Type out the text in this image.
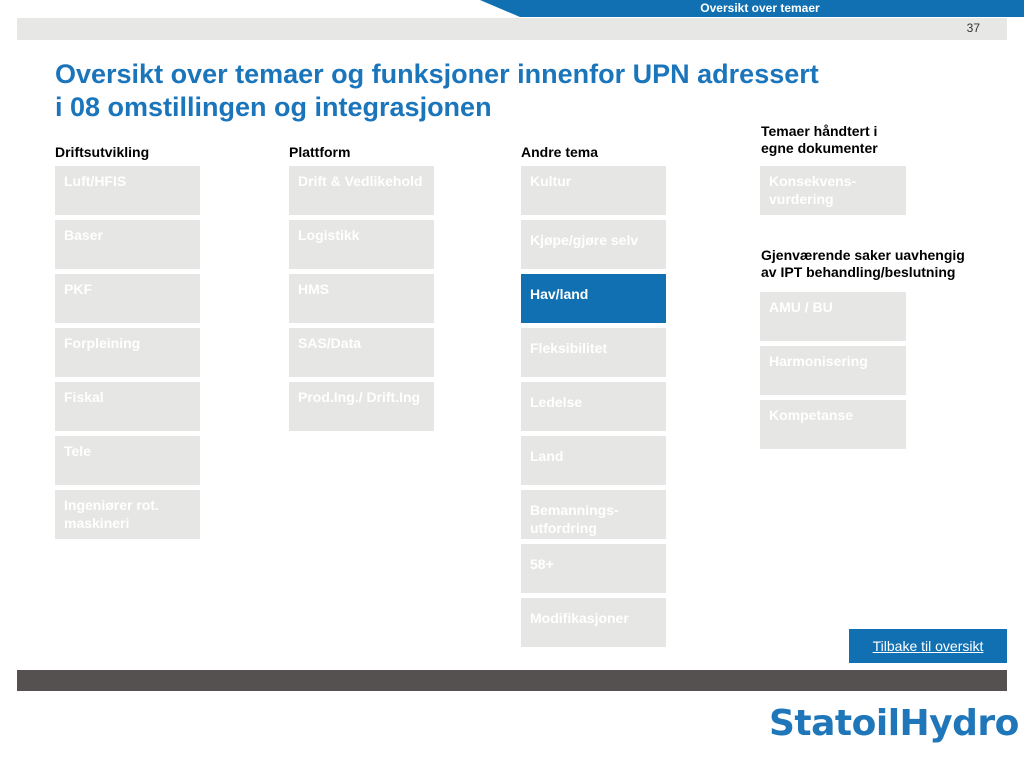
Oversikt over temaer
37
Oversikt over temaer og funksjoner innenfor UPN adressert
i 08 omstillingen og integrasjonen
Driftsutvikling	Plattform	Andre tema
Temaer håndtert i
egne dokumenter
Gjenværende saker uavhengig
av IPT behandling/beslutning
Luft/HFIS
Baser
PKF
Forpleining
Fiskal
Tele
Ingeniører rot. maskineri
Drift & Vedlikehold
Logistikk
HMS
SAS/Data
Prod.Ing./ Drift.Ing
Kultur
Kjøpe/gjøre selv
Hav/land
Fleksibilitet
Ledelse
Land
Bemannings-utfordring
58+
Modifikasjoner
Konsekvens-vurdering
AMU / BU
Harmonisering
Kompetanse
Tilbake til oversikt
StatoilHydro
